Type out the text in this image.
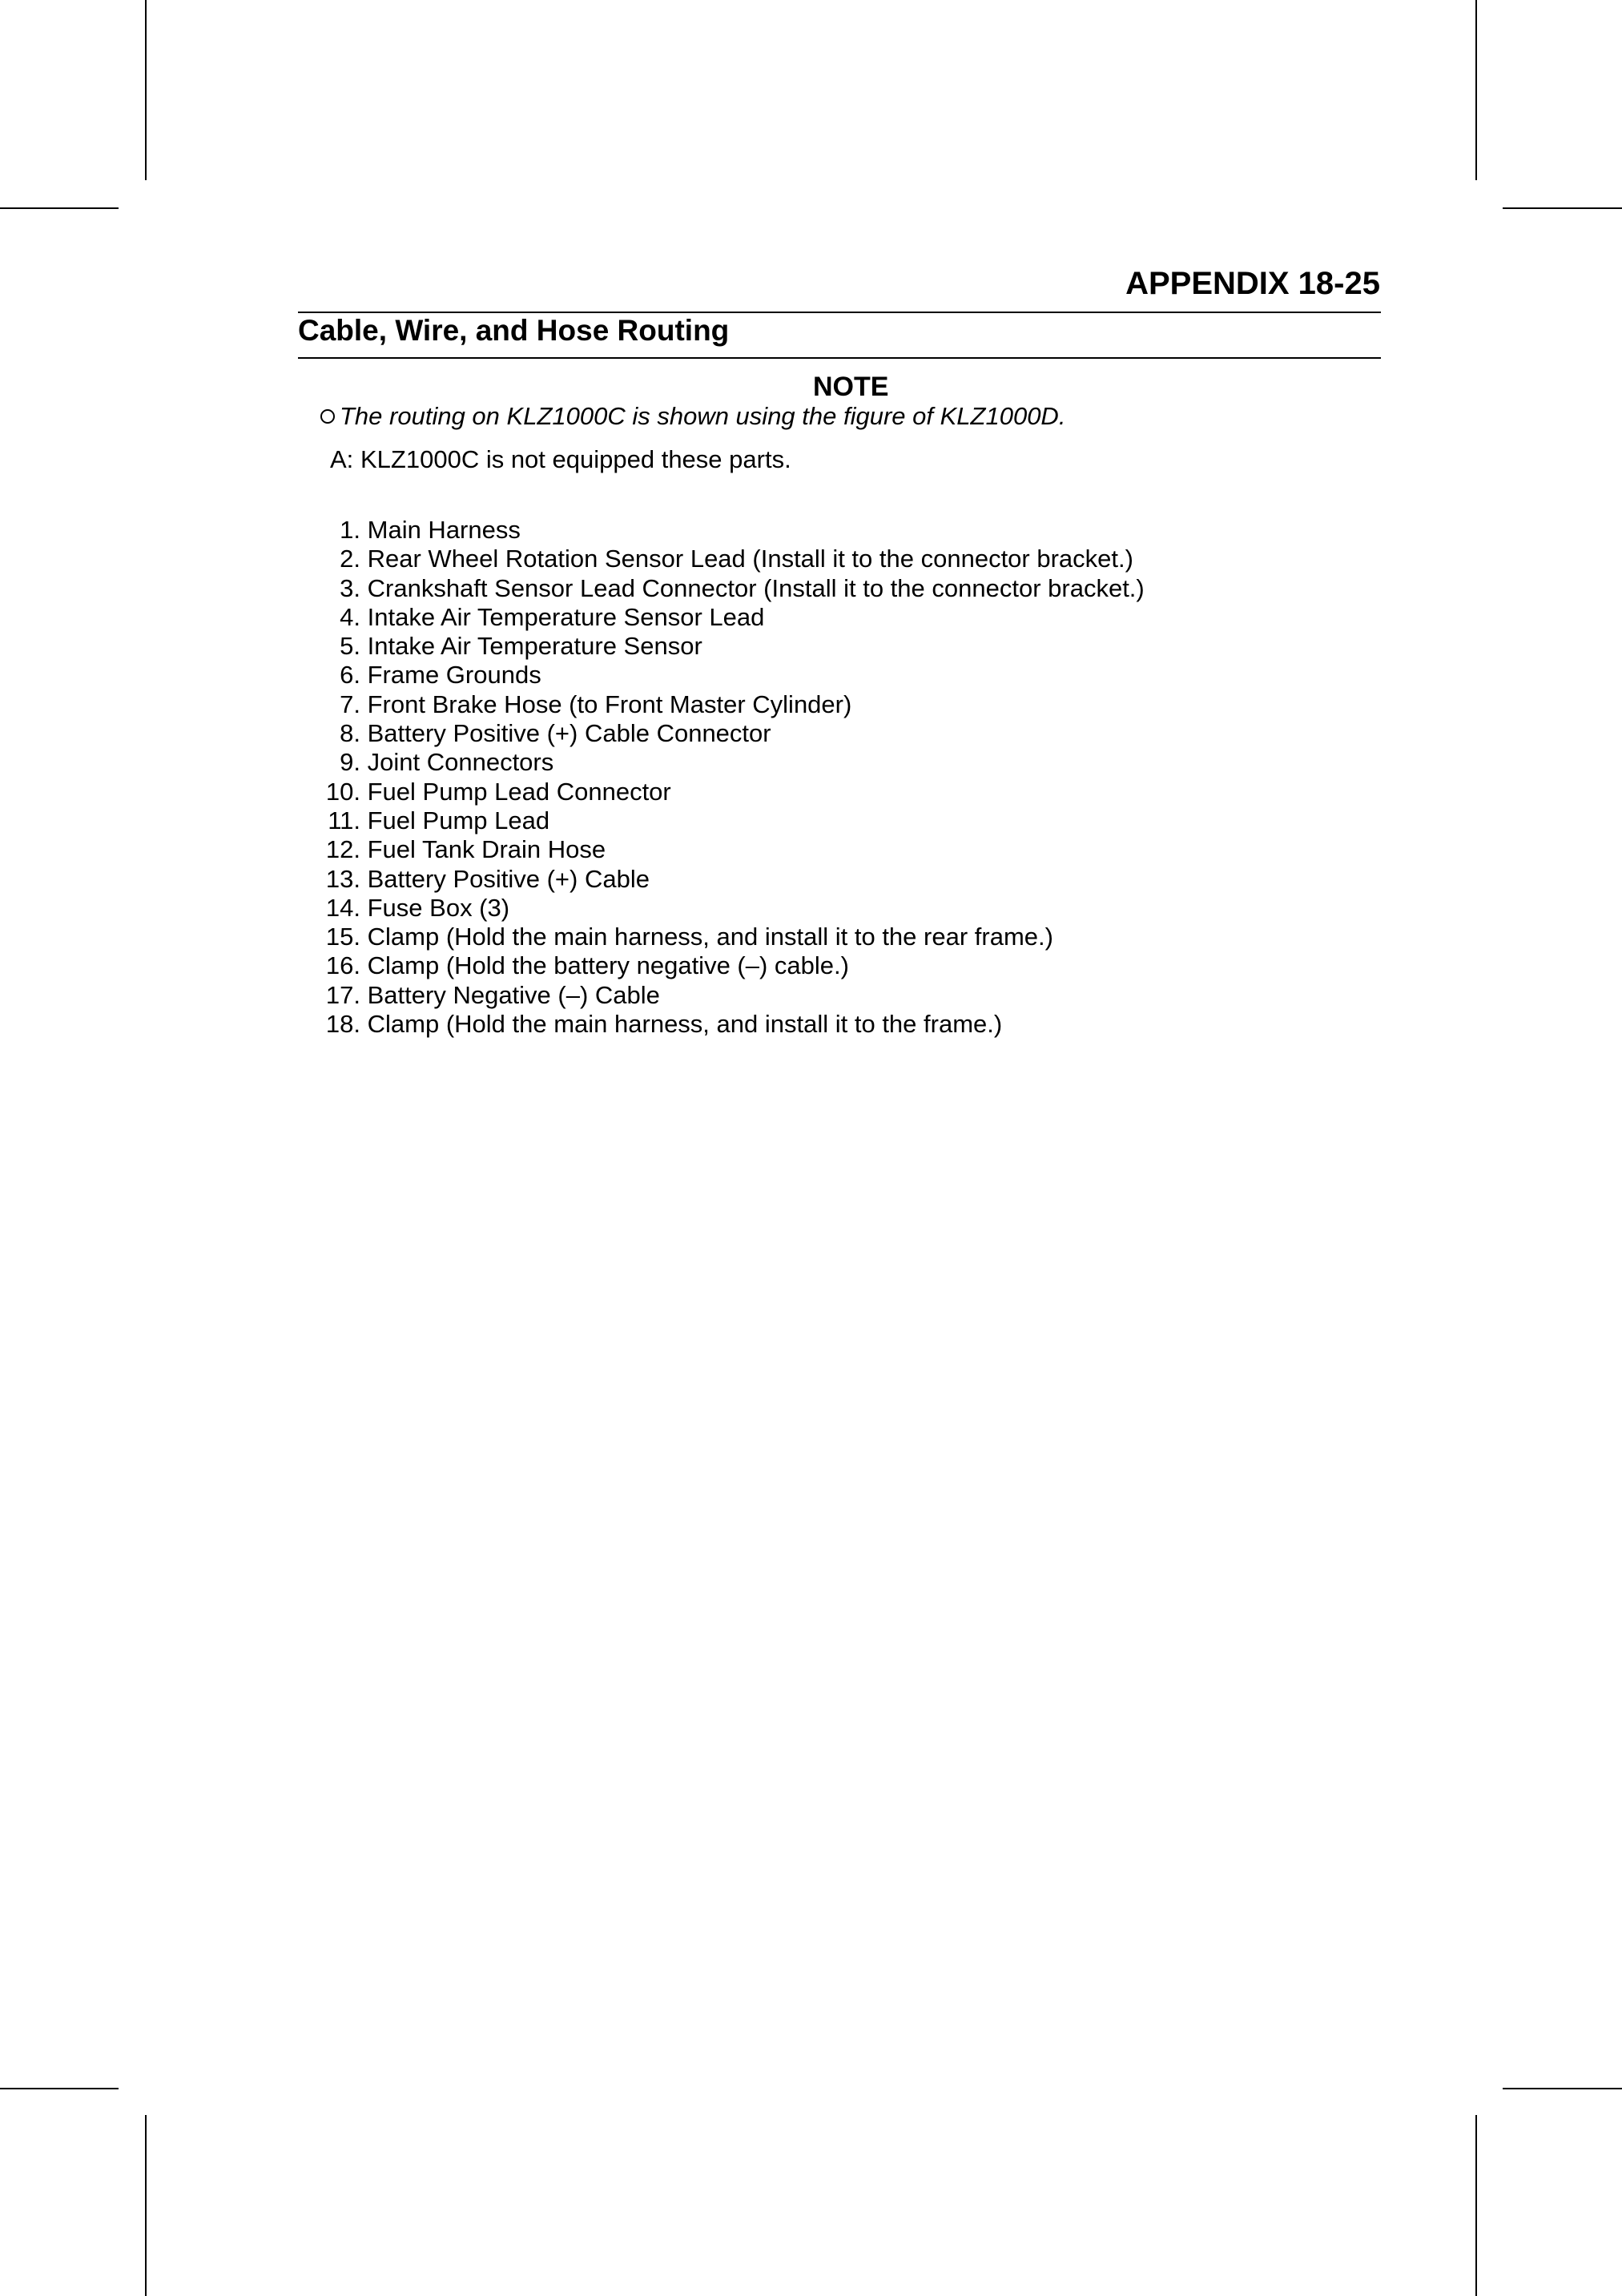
APPENDIX 18-25
Cable, Wire, and Hose Routing
NOTE
The routing on KLZ1000C is shown using the figure of KLZ1000D.
A: KLZ1000C is not equipped these parts.
1. Main Harness
2. Rear Wheel Rotation Sensor Lead (Install it to the connector bracket.)
3. Crankshaft Sensor Lead Connector (Install it to the connector bracket.)
4. Intake Air Temperature Sensor Lead
5. Intake Air Temperature Sensor
6. Frame Grounds
7. Front Brake Hose (to Front Master Cylinder)
8. Battery Positive (+) Cable Connector
9. Joint Connectors
10. Fuel Pump Lead Connector
11. Fuel Pump Lead
12. Fuel Tank Drain Hose
13. Battery Positive (+) Cable
14. Fuse Box (3)
15. Clamp (Hold the main harness, and install it to the rear frame.)
16. Clamp (Hold the battery negative (–) cable.)
17. Battery Negative (–) Cable
18. Clamp (Hold the main harness, and install it to the frame.)
